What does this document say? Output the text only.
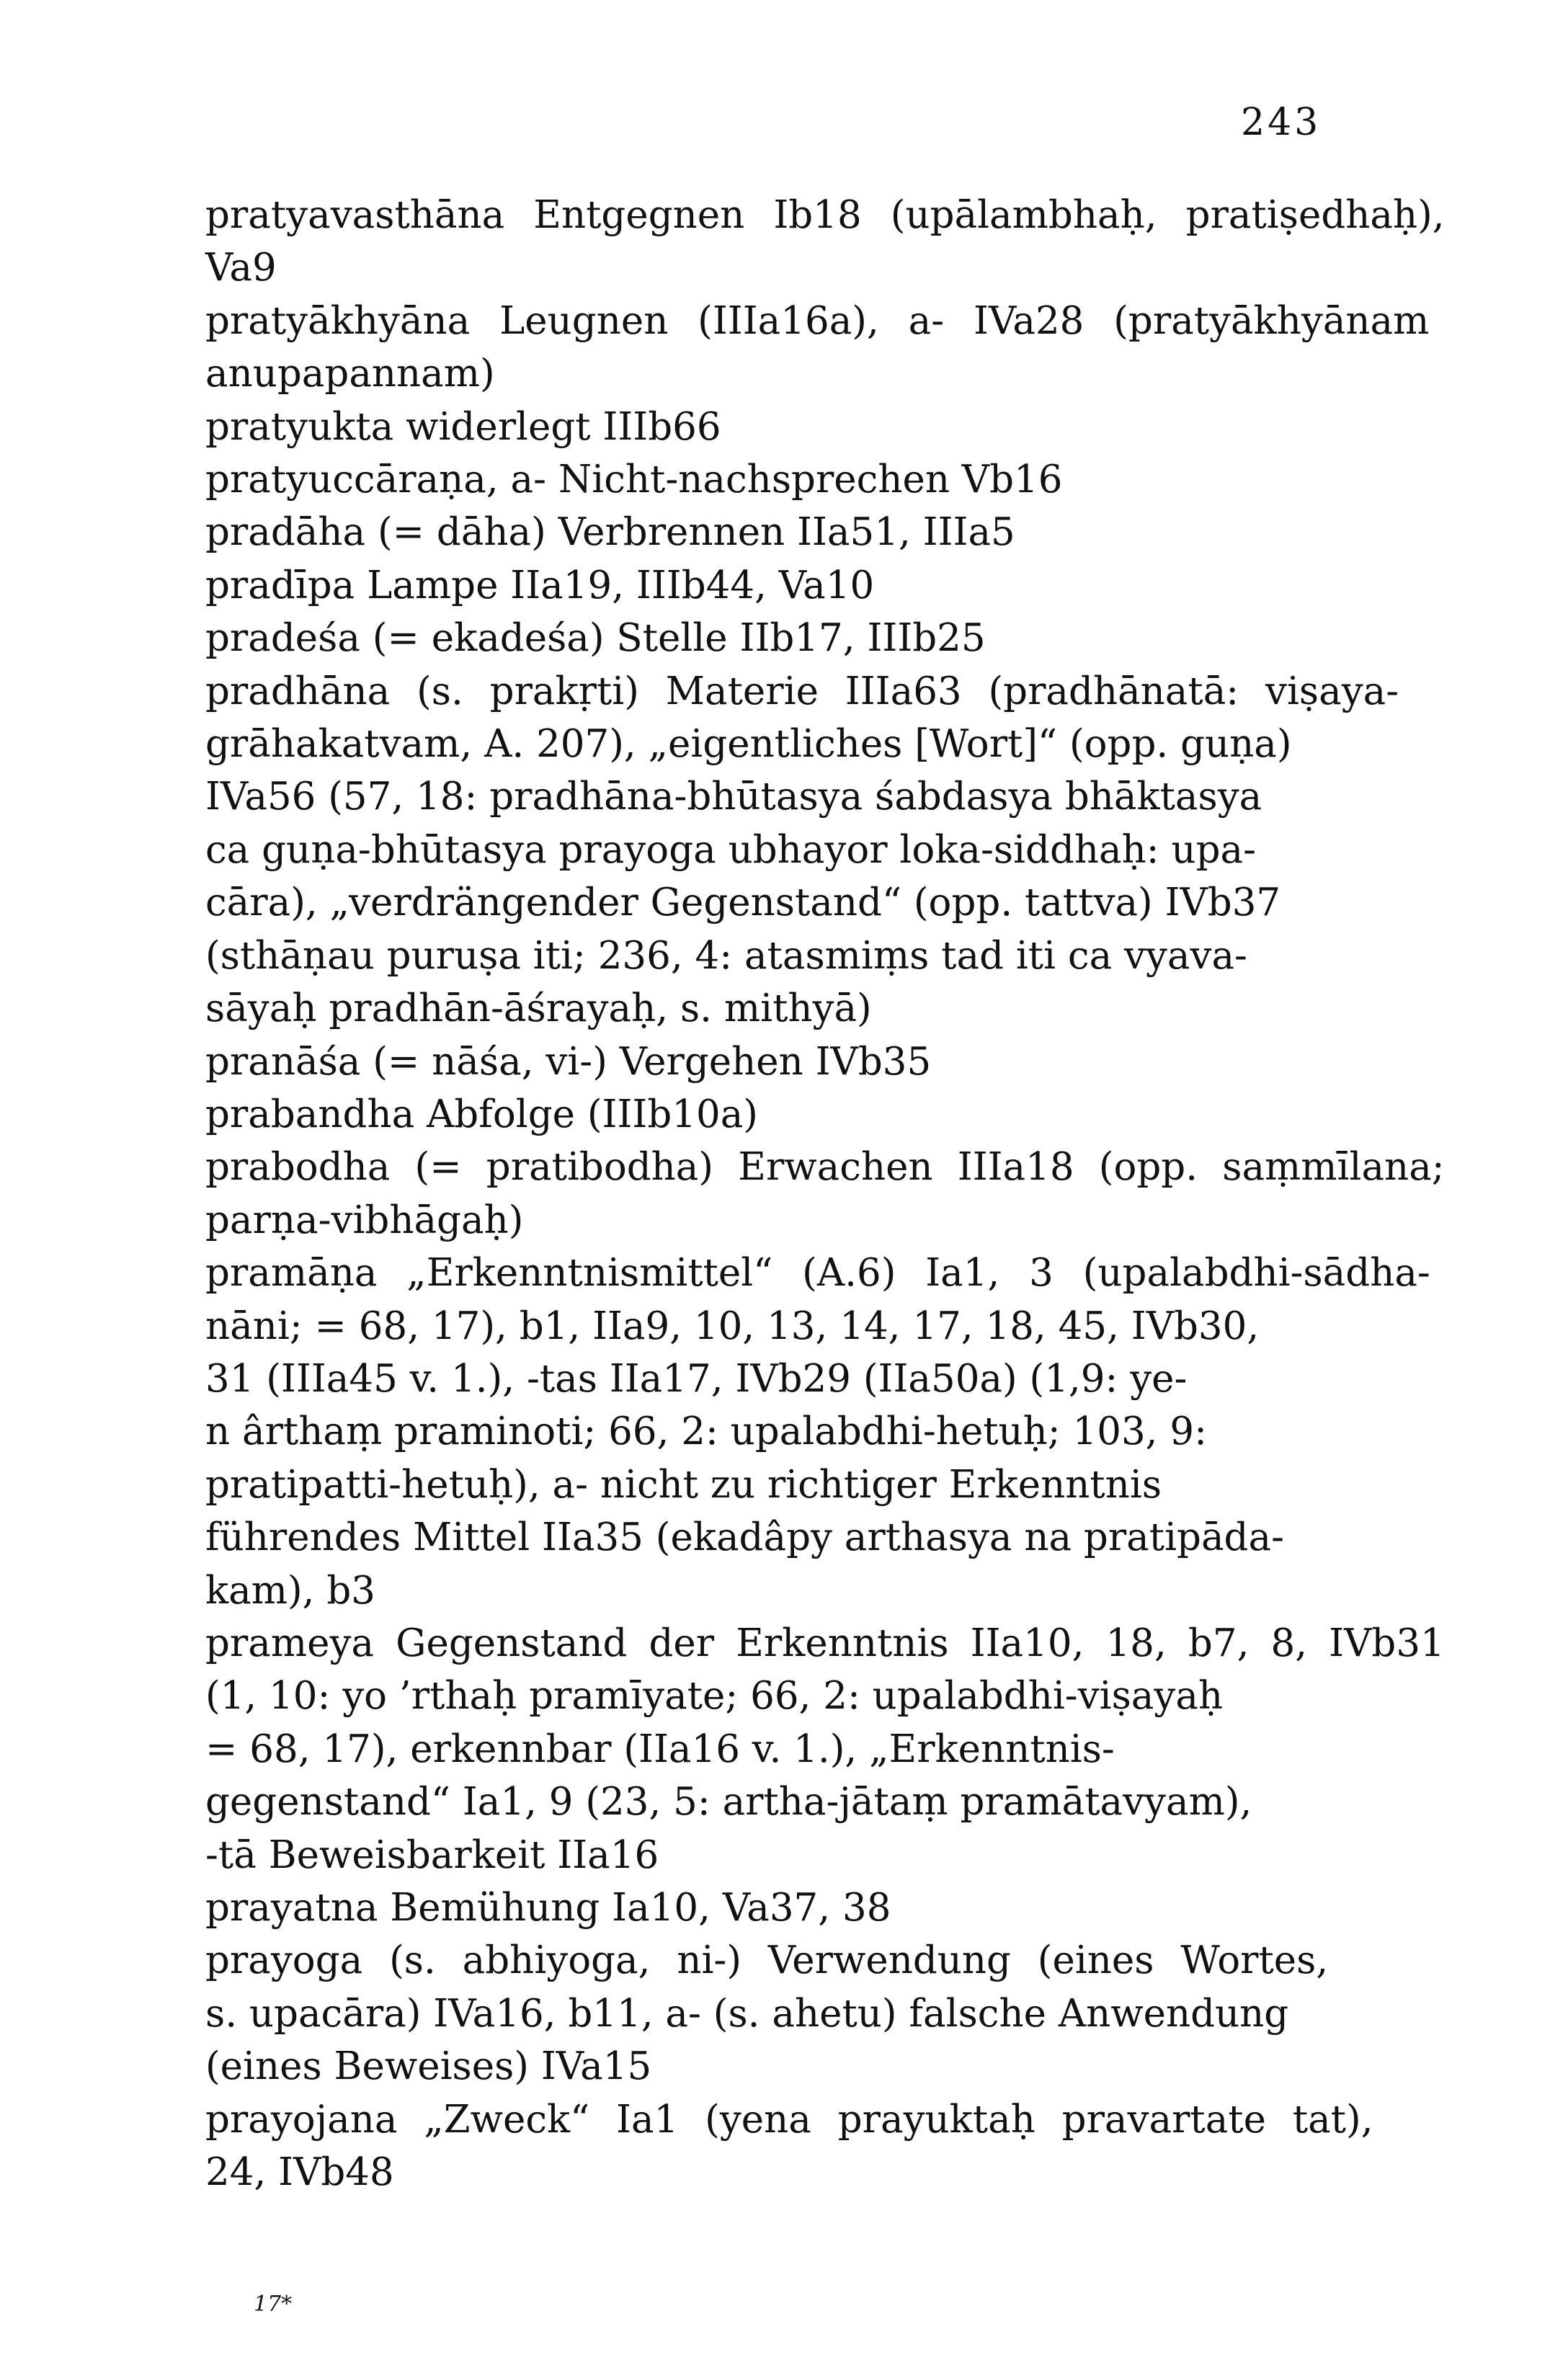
243

pratyavasthāna Entgegnen Ib18 (upālambhaḥ, pratiṣedhaḥ),
Va9

pratyākhyāna Leugnen (IIIa16a), a- IVa28 (pratyākhyānam
anupapannam)

pratyukta widerlegt IIIb66

pratyuccāraṇa, a- Nicht-nachsprechen Vb16

pradāha (= dāha) Verbrennen IIa51, IIIa5

pradīpa Lampe IIa19, IIIb44, Va10

pradeśa (= ekadeśa) Stelle IIb17, IIIb25

pradhāna (s. prakṛti) Materie IIIa63 (pradhānatā: viṣaya-
grāhakatvam, A. 207), „eigentliches [Wort]“ (opp. guṇa)
IVa56 (57, 18: pradhāna-bhūtasya śabdasya bhāktasya
ca guṇa-bhūtasya prayoga ubhayor loka-siddhaḥ: upa-
cāra), „verdrängender Gegenstand“ (opp. tattva) IVb37
(sthāṇau puruṣa iti; 236, 4: atasmiṃs tad iti ca vyava-
sāyaḥ pradhān-āśrayaḥ, s. mithyā)

pranāśa (= nāśa, vi-) Vergehen IVb35

prabandha Abfolge (IIIb10a)

prabodha (= pratibodha) Erwachen IIIa18 (opp. saṃmīlana;
parṇa-vibhāgaḥ)

pramāṇa „Erkenntnismittel“ (A.6) Ia1, 3 (upalabdhi-sādha-
nāni; = 68, 17), b1, IIa9, 10, 13, 14, 17, 18, 45, IVb30,
31 (IIIa45 v. 1.), -tas IIa17, IVb29 (IIa50a) (1,9: ye-
n ârthaṃ praminoti; 66, 2: upalabdhi-hetuḥ; 103, 9:
pratipatti-hetuḥ), a- nicht zu richtiger Erkenntnis
führendes Mittel IIa35 (ekadâpy arthasya na pratipāda-
kam), b3

prameya Gegenstand der Erkenntnis IIa10, 18, b7, 8, IVb31
(1, 10: yo ’rthaḥ pramīyate; 66, 2: upalabdhi-viṣayaḥ
= 68, 17), erkennbar (IIa16 v. 1.), „Erkenntnis-
gegenstand“ Ia1, 9 (23, 5: artha-jātaṃ pramātavyam),
-tā Beweisbarkeit IIa16

prayatna Bemühung Ia10, Va37, 38

prayoga (s. abhiyoga, ni-) Verwendung (eines Wortes,
s. upacāra) IVa16, b11, a- (s. ahetu) falsche Anwendung
(eines Beweises) IVa15

prayojana „Zweck“ Ia1 (yena prayuktaḥ pravartate tat),
24, IVb48

17*
